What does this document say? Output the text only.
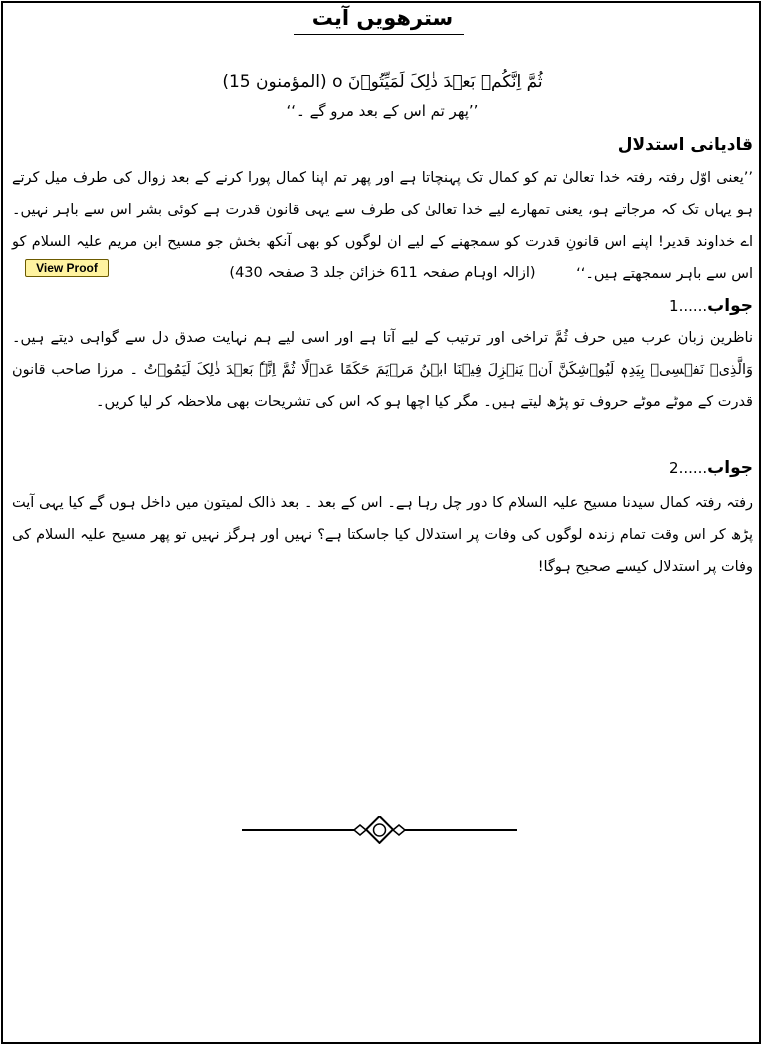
سترھویں آیت
ثُمَّ اِنَّکُمۡ بَعۡدَ ذٰلِکَ لَمَیِّتُوۡنَ o (المؤمنون 15)
’’پھر تم اس کے بعد مرو گے ۔‘‘
قادیانی استدلال
’’یعنی اوّل رفتہ رفتہ خدا تعالیٰ تم کو کمال تک پہنچاتا ہے اور پھر تم اپنا کمال پورا کرنے کے بعد زوال کی طرف میل کرتے ہو یہاں تک کہ مرجاتے ہو، یعنی تمھارے لیے خدا تعالیٰ کی طرف سے یہی قانون قدرت ہے کوئی بشر اس سے باہر نہیں۔ اے خداوند قدیر! اپنے اس قانونِ قدرت کو سمجھنے کے لیے ان لوگوں کو بھی آنکھ بخش جو مسیح ابن مریم علیہ السلام کو اس سے باہر سمجھتے ہیں۔‘‘
View Proof	(ازالہ اوہام صفحہ 611 خزائن جلد 3 صفحہ 430)
جواب......1
ناظرین زبان عرب میں حرف ثُمَّ تراخی اور ترتیب کے لیے آتا ہے اور اسی لیے ہم نہایت صدق دل سے گواہی دیتے ہیں۔ وَالَّذِیۡ نَفۡسِیۡ بِیَدِہٖ لَیُوۡشِکَنَّ اَنۡ یَنۡزِلَ فِیۡنَا ابۡنُ مَرۡیَمَ حَکَمًا عَدۡلًا ثُمَّ اِنَّہٗ بَعۡدَ ذٰلِکَ لَیَمُوۡتُ ۔ مرزا صاحب قانون قدرت کے موٹے موٹے حروف تو پڑھ لیتے ہیں۔ مگر کیا اچھا ہو کہ اس کی تشریحات بھی ملاحظہ کر لیا کریں۔
جواب......2
رفتہ رفتہ کمال سیدنا مسیح علیہ السلام کا دور چل رہا ہے۔ اس کے بعد ۔ بعد ذالک لمیتون میں داخل ہوں گے کیا یہی آیت پڑھ کر اس وقت تمام زندہ لوگوں کی وفات پر استدلال کیا جاسکتا ہے؟ نہیں اور ہرگز نہیں تو پھر مسیح علیہ السلام کی وفات پر استدلال کیسے صحیح ہوگا!
